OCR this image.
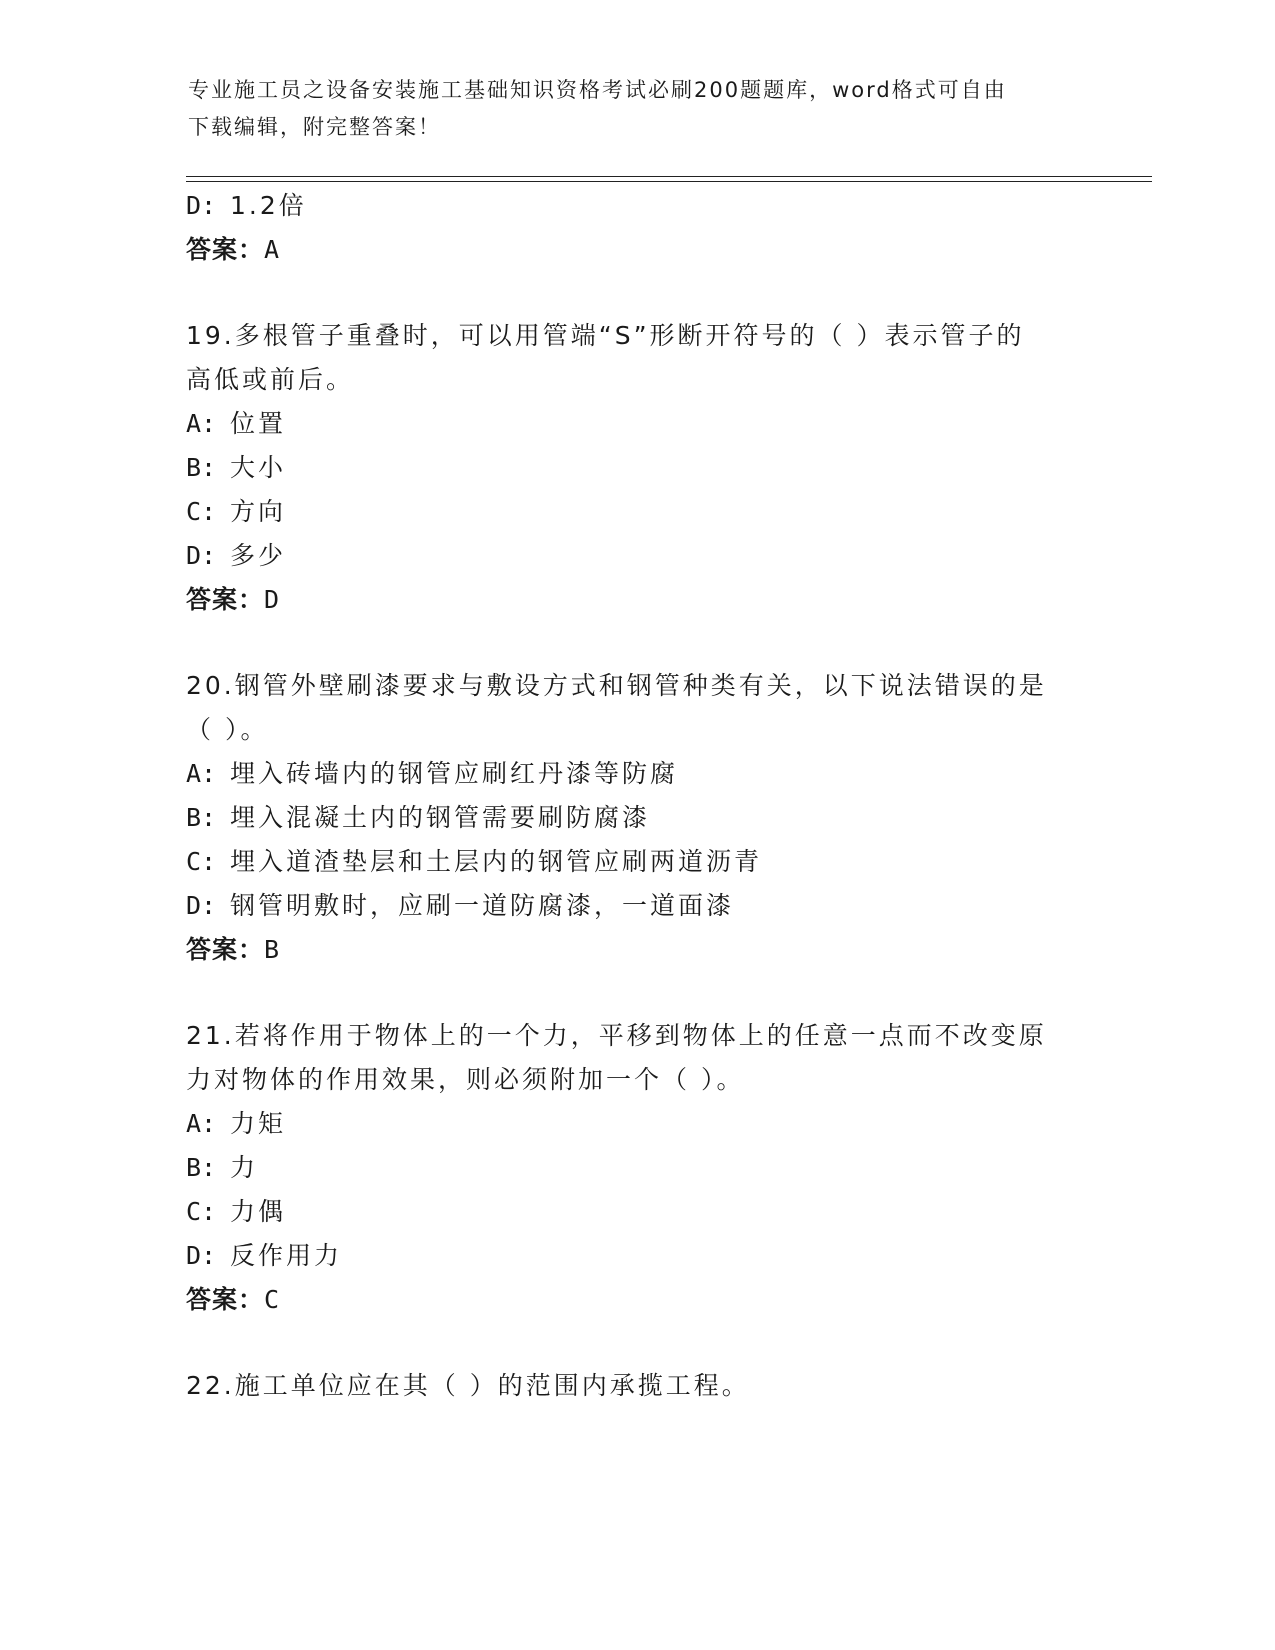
专业施工员之设备安装施工基础知识资格考试必刷200题题库，word格式可自由
下载编辑，附完整答案！
D: 1.2倍
答案：A
19.多根管子重叠时，可以用管端“S”形断开符号的（ ）表示管子的
高低或前后。
A: 位置
B: 大小
C: 方向
D: 多少
答案：D
20.钢管外壁刷漆要求与敷设方式和钢管种类有关，以下说法错误的是
（ ）。
A: 埋入砖墙内的钢管应刷红丹漆等防腐
B: 埋入混凝土内的钢管需要刷防腐漆
C: 埋入道渣垫层和土层内的钢管应刷两道沥青
D: 钢管明敷时，应刷一道防腐漆，一道面漆
答案：B
21.若将作用于物体上的一个力，平移到物体上的任意一点而不改变原
力对物体的作用效果，则必须附加一个（ ）。
A: 力矩
B: 力
C: 力偶
D: 反作用力
答案：C
22.施工单位应在其（ ）的范围内承揽工程。
